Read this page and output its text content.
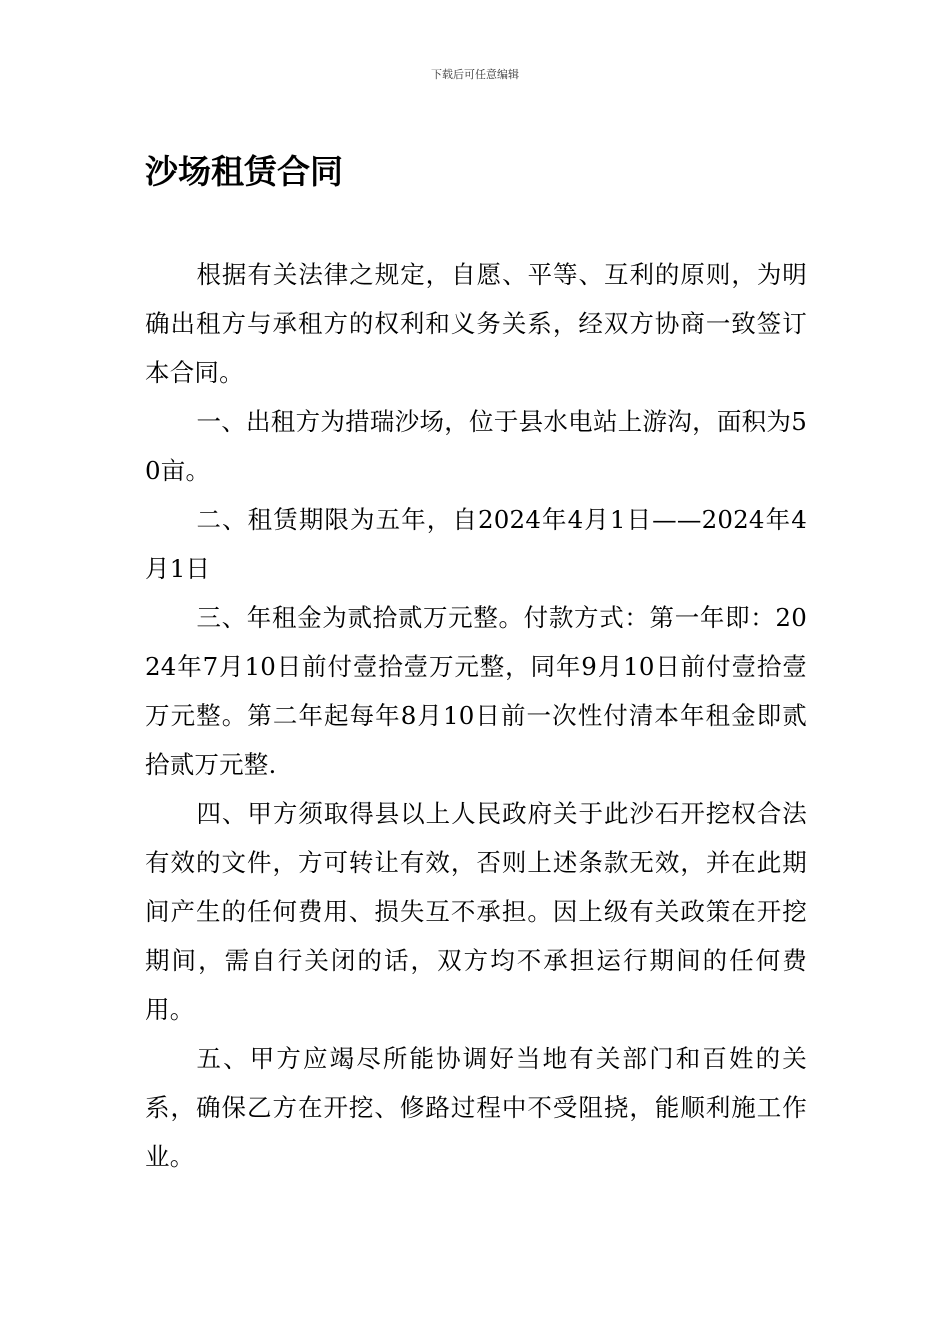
下载后可任意编辑
沙场租赁合同

根据有关法律之规定，自愿、平等、互利的原则，为明确出租方与承租方的权利和义务关系，经双方协商一致签订本合同。

一、出租方为措瑞沙场，位于县水电站上游沟，面积为50亩。

二、租赁期限为五年，自2024年4月1日——2024年4月1日

三、年租金为贰拾贰万元整。付款方式：第一年即：2024年7月10日前付壹拾壹万元整，同年9月10日前付壹拾壹万元整。第二年起每年8月10日前一次性付清本年租金即贰拾贰万元整.

四、甲方须取得县以上人民政府关于此沙石开挖权合法有效的文件，方可转让有效，否则上述条款无效，并在此期间产生的任何费用、损失互不承担。因上级有关政策在开挖期间，需自行关闭的话，双方均不承担运行期间的任何费用。

五、甲方应竭尽所能协调好当地有关部门和百姓的关系，确保乙方在开挖、修路过程中不受阻挠，能顺利施工作业。
